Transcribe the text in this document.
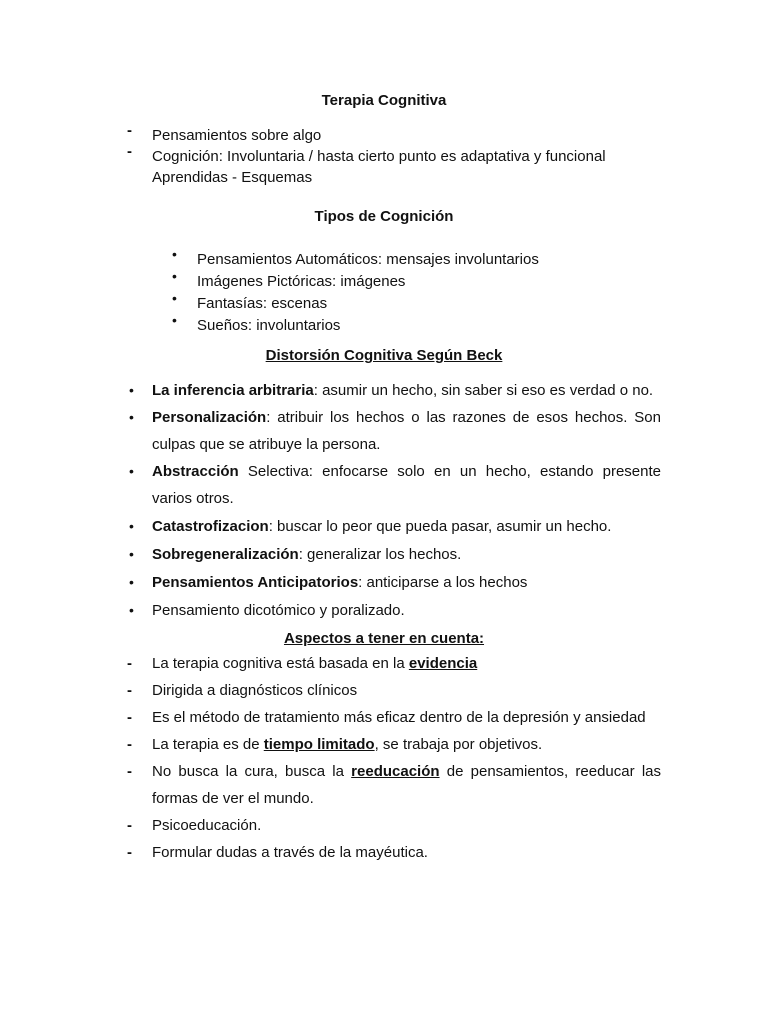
Terapia Cognitiva
- Pensamientos sobre algo
- Cognición: Involuntaria / hasta cierto punto es adaptativa y funcional
Aprendidas - Esquemas
Tipos de Cognición
• Pensamientos Automáticos: mensajes involuntarios
• Imágenes Pictóricas: imágenes
• Fantasías: escenas
• Sueños: involuntarios
Distorsión Cognitiva Según Beck
• La inferencia arbitraria: asumir un hecho, sin saber si eso es verdad o no.
• Personalización: atribuir los hechos o las razones de esos hechos. Son culpas que se atribuye la persona.
• Abstracción Selectiva: enfocarse solo en un hecho, estando presente varios otros.
• Catastrofizacion: buscar lo peor que pueda pasar, asumir un hecho.
• Sobregeneralización: generalizar los hechos.
• Pensamientos Anticipatorios: anticiparse a los hechos
• Pensamiento dicotómico y poralizado.
Aspectos a tener en cuenta:
- La terapia cognitiva está basada en la evidencia
- Dirigida a diagnósticos clínicos
- Es el método de tratamiento más eficaz dentro de la depresión y ansiedad
- La terapia es de tiempo limitado, se trabaja por objetivos.
- No busca la cura, busca la reeducación de pensamientos, reeducar las formas de ver el mundo.
- Psicoeducación.
- Formular dudas a través de la mayéutica.
